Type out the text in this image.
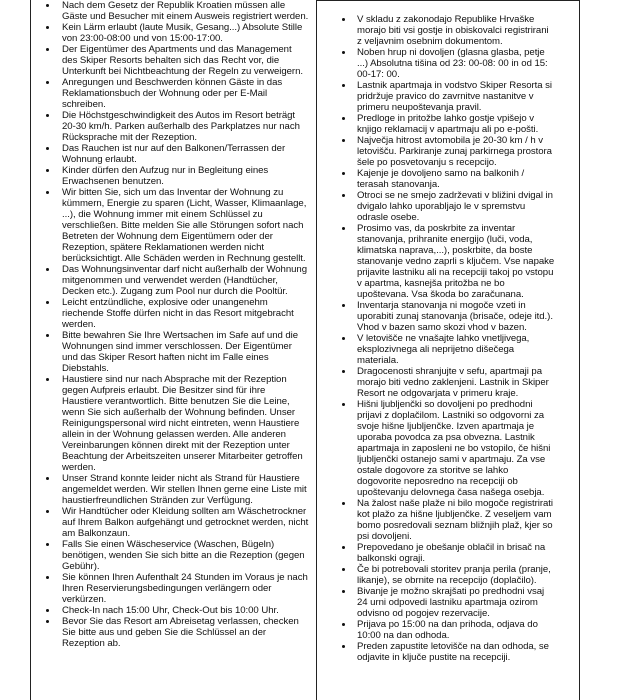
Nach dem Gesetz der Republik Kroatien müssen alle
Gäste und Besucher mit einem Ausweis registriert werden.
Kein Lärm erlaubt (laute Musik, Gesang...) Absolute Stille
von 23:00-08:00 und von 15:00-17:00.
Der Eigentümer des Apartments und das Management
des Skiper Resorts behalten sich das Recht vor, die
Unterkunft bei Nichtbeachtung der Regeln zu verweigern.
Anregungen und Beschwerden können Gäste in das
Reklamationsbuch der Wohnung oder per E-Mail
schreiben.
Die Höchstgeschwindigkeit des Autos im Resort beträgt
20-30 km/h. Parken außerhalb des Parkplatzes nur nach
Rücksprache mit der Rezeption.
Das Rauchen ist nur auf den Balkonen/Terrassen der
Wohnung erlaubt.
Kinder dürfen den Aufzug nur in Begleitung eines
Erwachsenen benutzen.
Wir bitten Sie, sich um das Inventar der Wohnung zu
kümmern, Energie zu sparen (Licht, Wasser, Klimaanlage,
...), die Wohnung immer mit einem Schlüssel zu
verschließen. Bitte melden Sie alle Störungen sofort nach
Betreten der Wohnung dem Eigentümern oder der
Rezeption, spätere Reklamationen werden nicht
berücksichtigt. Alle Schäden werden in Rechnung gestellt.
Das Wohnungsinventar darf nicht außerhalb der Wohnung
mitgenommen und verwendet werden (Handtücher,
Decken etc.). Zugang zum Pool nur durch die Pooltür.
Leicht entzündliche, explosive oder unangenehm
riechende Stoffe dürfen nicht in das Resort mitgebracht
werden.
Bitte bewahren Sie Ihre Wertsachen im Safe auf und die
Wohnungen sind immer verschlossen. Der Eigentümer
und das Skiper Resort haften nicht im Falle eines
Diebstahls.
Haustiere sind nur nach Absprache mit der Rezeption
gegen Aufpreis erlaubt. Die Besitzer sind für ihre
Haustiere verantwortlich. Bitte benutzen Sie die Leine,
wenn Sie sich außerhalb der Wohnung befinden. Unser
Reinigungspersonal wird nicht eintreten, wenn Haustiere
allein in der Wohnung gelassen werden. Alle anderen
Vereinbarungen können direkt mit der Rezeption unter
Beachtung der Arbeitszeiten unserer Mitarbeiter getroffen
werden.
Unser Strand konnte leider nicht als Strand für Haustiere
angemeldet werden. Wir stellen Ihnen gerne eine Liste mit
haustierfreundlichen Stränden zur Verfügung.
Wir Handtücher oder Kleidung sollten am Wäschetrockner
auf Ihrem Balkon aufgehängt und getrocknet werden, nicht
am Balkonzaun.
Falls Sie einen Wäscheservice (Waschen, Bügeln)
benötigen, wenden Sie sich bitte an die Rezeption (gegen
Gebühr).
Sie können Ihren Aufenthalt 24 Stunden im Voraus je nach
Ihren Reservierungsbedingungen verlängern oder
verkürzen.
Check-In nach 15:00 Uhr, Check-Out bis 10:00 Uhr.
Bevor Sie das Resort am Abreisetag verlassen, checken
Sie bitte aus und geben Sie die Schlüssel an der
Rezeption ab.
V skladu z zakonodajo Republike Hrvaške
morajo biti vsi gostje in obiskovalci registrirani
z veljavnim osebnim dokumentom.
Noben hrup ni dovoljen (glasna glasba, petje
...) Absolutna tišina od 23: 00-08: 00 in od 15:
00-17: 00.
Lastnik apartmaja in vodstvo Skiper Resorta si
pridržuje pravico do zavrnitve nastanitve v
primeru neupoštevanja pravil.
Predloge in pritožbe lahko gostje vpišejo v
knjigo reklamacij v apartmaju ali po e-pošti.
Največja hitrost avtomobila je 20-30 km / h v
letovišču. Parkiranje zunaj parkirnega prostora
šele po posvetovanju s recepcijo.
Kajenje je dovoljeno samo na balkonih /
terasah stanovanja.
Otroci se ne smejo zadrževati v bližini dvigal in
dvigalo lahko uporabljajo le v spremstvu
odrasle osebe.
Prosimo vas, da poskrbite za inventar
stanovanja, prihranite energijo (luči, voda,
klimatska naprava,...), poskrbite, da boste
stanovanje vedno zaprli s ključem. Vse napake
prijavite lastniku ali na recepciji takoj po vstopu
v apartma, kasnejša pritožba ne bo
upoštevana. Vsa škoda bo zaračunana.
Inventarja stanovanja ni mogoče vzeti in
uporabiti zunaj stanovanja (brisače, odeje itd.).
Vhod v bazen samo skozi vhod v bazen.
V letovišče ne vnašajte lahko vnetljivega,
eksplozivnega ali neprijetno dišečega
materiala.
Dragocenosti shranjujte v sefu, apartmaji pa
morajo biti vedno zaklenjeni. Lastnik in Skiper
Resort ne odgovarjata v primeru kraje.
Hišni ljubljenčki so dovoljeni po predhodni
prijavi z doplačilom. Lastniki so odgovorni za
svoje hišne ljubljenčke. Izven apartmaja je
uporaba povodca za psa obvezna. Lastnik
apartmaja in zaposleni ne bo vstopilo, če hišni
ljubljenčki ostanejo sami v apartmaju. Za vse
ostale dogovore za storitve se lahko
dogovorite neposredno na recepciji ob
upoštevanju delovnega časa našega osebja.
Na žalost naše plaže ni bilo mogoče registrirati
kot plažo za hišne ljubljenčke. Z veseljem vam
bomo posredovali seznam bližnjih plaž, kjer so
psi dovoljeni.
Prepovedano je obešanje oblačil in brisač na
balkonski ograji.
Če bi potrebovali storitev pranja perila (pranje,
likanje), se obrnite na recepcijo (doplačilo).
Bivanje je možno skrajšati po predhodni vsaj
24 urni odpovedi lastniku apartmaja ozirom
odvisno od pogojev rezervacije.
Prijava po 15:00 na dan prihoda, odjava do
10:00 na dan odhoda.
Preden zapustite letovišče na dan odhoda, se
odjavite in ključe pustite na recepciji.
